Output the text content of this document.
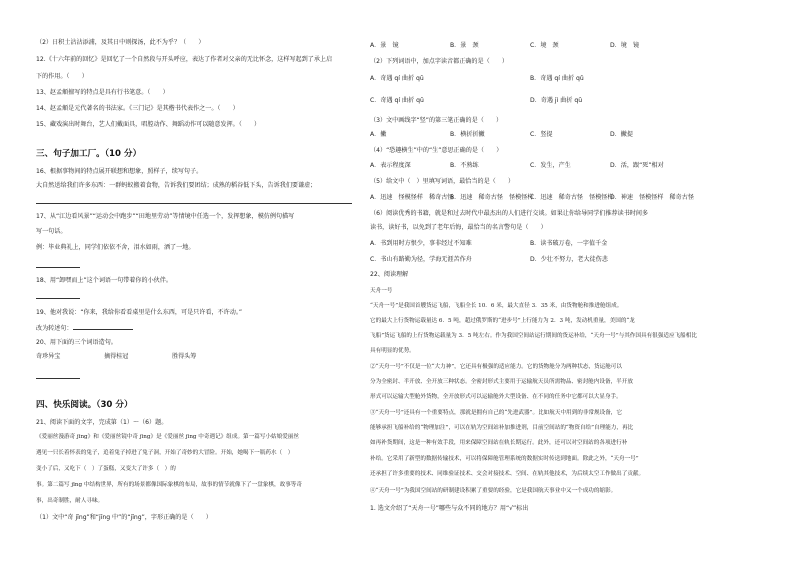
（2）日积土沾沾添浦，及其日中则探汤，此不为乎？（　　）
12.《十六年前的回忆》是回忆了一个自然段与开头呼应，表达了作者对父亲的无比怀念，这样写起到了承上启
下的作用。（　　）
13、赵孟頫擅写的特点是具有行书笔意。（　　）
14、赵孟頫是元代著名的书法家。《三门记》是其楷书代表作之一。（　　）
15、藏戏演出时舞台，艺人们戴面具，唱腔动作、舞蹈动作可以随意发挥。（　　）
三、句子加工厂。（10 分）
16、根据事物间的特点展开联想和想象，照样子，续写句子。
大自然送给我们许多东西：一群蚂蚁搬着食物，告诉我们要团结；成熟的稻谷低下头，告诉我们要谦虚；
17、从“江边看风景”“运动会中跑步”“田地里劳动”等情境中任选一个，发挥想象，模仿例句描写
写一句话。
例：毕业典礼上，同学们依依不舍，泪水如雨，洒了一地。
18、用“卸嘿而上”这个词语一句带着你的小伙伴。
19、他对我说：“你来，我给你看看桌里是什么东西，可是只许看，不许动。”
改为转述句：
20、用下面的三个词语造句。
奇珍异宝	摘得桂冠	胜得头筹
四、快乐阅读。（30 分）
21、阅读下面的文字，完成第（1）～（6）题。
《爱丽丝漫游奇 jīng》和《爱丽丝镜中奇 jīng》是《爱丽丝 jīng 中奇遇记》组成。第一篇写小姑娘爱丽丝
遇见一只长着怀表的兔子，追着兔子掉进了兔子洞，开始了奇妙的大冒险。开始，她喝下一瓶药水（　）
变小了后，又吃下（　）了蛋糕，又变大了许多（　）的
事。第二篇写 jīng 中结构世界，所有的场景都像国际象棋的布局，故事的情节就像下了一盘象棋，故事等奇
事，出奇制胜，耐人寻味。
（1）文中“奇 jīng”和“jīng 中”的“jīng”，字形正确的是（　　）
A．景　镜	B．景　颈	C．境　颈	D．境　镜
（2）下列词语中，加点字读音都正确的是（　　）
A．奇遇 qí 曲折 qū	B．奇遇 qí 曲折 qǔ
C．奇遇 qí 曲折 qū	D．奇遇 jì 曲折 qū
（3）文中画线字“竖”的第三笔正确的是（　　）
A．撇	B．横折折撇	C．竖提	D．撇提
（4）“恐趣横生”中的“生”意思正确的是（　　）
A．表示程度深	B．不熟练	C．发生，产生	D．活，跟“死”相对
（5）给文中（　）里填写词语，最恰当的是（　　）
A．迅速　怪模怪样　稀奇古怪
B．迅速　稀奇古怪　怪模怪样
C．迅速　稀奇古怪　怪模怪样
D．神速　怪模怪样　稀奇古怪
（6）阅读优秀的书籍，就是和过去时代中最杰出的人们进行交谈。如果让你给导同学们推荐读书时间多
读书，读好书，以免到了老年后悔，最恰当的名言警句是（　　）
A．书到用时方恨少，事非经过不知难	B．读书破万卷，一字值千金
C．书山有路勤为径，学海无涯苦作舟	D．少壮不努力，老大徒伤悲
22、阅读理解
天舟一号
“天舟一号”是我国首艘货运飞船，飞船全长 10．6 米，最大直径 3．35 米，由货物舱和推进舱组成。
它的最大上行货物运载量达 6．5 吨，超过俄罗斯的“进步号”上行能力为 2．3 吨，发动机重量，美国的“龙
飞船”货运飞船的上行货物运载量为 3．5 吨左右。作为我国空间站运行期间的货运补给，“天舟一号”与其作国具有很强适应飞船相比
具有明显的优势。
②“天舟一号”不仅是一位“大力神”，它还具有极强的适应能力。它的货物舱分为两种状态，货运舱可以
分为全密封、半开放、全开放三种状态。全密封形式主要用于运输航天员所需物品、密封舱内设备，半开放
形式可以运输大型舱外货物，全开放形式可以运输舱外大型设备、在不同的任务中它都可以大显身手。
③“天舟一号”还具有一个重要特点，那就是拥有自己的“先进武器”。比如航天中用到的非常规设备，它
能够承担飞船补给的“物理加注”，可以在轨为空间站补加推进剂，目前空间站的“物资自给”自理能力，再比
如再补货期间，这是一种有效手段，用来保障空间站在轨长期运行。此外，还可以对空间站的各项进行补
补给。它采用了新型的数据传输技术，可以将保障舱管理系统的数据实时传送到地面。除此之外，“天舟一号”
还承担了许多重要的技术、同维验证技术、交会对接技术、空间、在轨其他技术，为后续太空工作做出了贡献。
④“天舟一号”为我国空间站的研制建设积累了重要的经验，它是我国航天事业中又一个成功的缩影。
1. 选文介绍了“天舟一号”哪些与众不同的地方？用“√”标出
